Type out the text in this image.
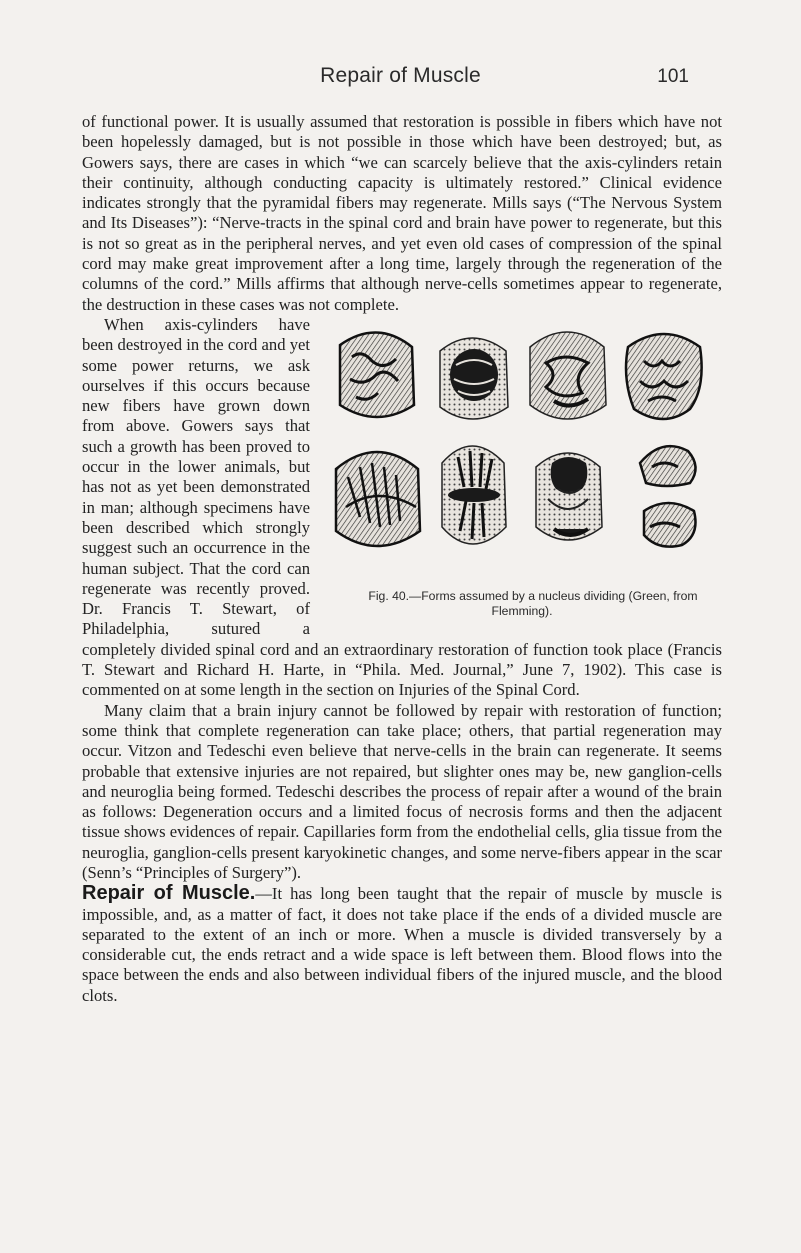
Repair of Muscle	101

of functional power. It is usually assumed that restoration is possible in fibers which have not been hopelessly damaged, but is not possible in those which have been destroyed; but, as Gowers says, there are cases in which “we can scarcely believe that the axis-cylinders retain their continuity, although conducting capacity is ultimately restored.” Clinical evidence indicates strongly that the pyramidal fibers may regenerate. Mills says (“The Nervous System and Its Diseases”): “Nerve-tracts in the spinal cord and brain have power to regenerate, but this is not so great as in the peripheral nerves, and yet even old cases of compression of the spinal cord may make great improvement after a long time, largely through the regeneration of the columns of the cord.” Mills affirms that although nerve-cells sometimes appear to regenerate, the destruction in these cases was not complete.

Fig. 40.—Forms assumed by a nucleus dividing (Green, from Flemming).
When axis-cylinders have been destroyed in the cord and yet some power returns, we ask ourselves if this occurs because new fibers have grown down from above. Gowers says that such a growth has been proved to occur in the lower animals, but has not as yet been demonstrated in man; although specimens have been described which strongly suggest such an occurrence in the human subject. That the cord can regenerate was recently proved. Dr. Francis T. Stewart, of Philadelphia, sutured a completely divided spinal cord and an extraordinary restoration of function took place (Francis T. Stewart and Richard H. Harte, in “Phila. Med. Journal,” June 7, 1902). This case is commented on at some length in the section on Injuries of the Spinal Cord.

Many claim that a brain injury cannot be followed by repair with restoration of function; some think that complete regeneration can take place; others, that partial regeneration may occur. Vitzon and Tedeschi even believe that nerve-cells in the brain can regenerate. It seems probable that extensive injuries are not repaired, but slighter ones may be, new ganglion-cells and neuroglia being formed. Tedeschi describes the process of repair after a wound of the brain as follows: Degeneration occurs and a limited focus of necrosis forms and then the adjacent tissue shows evidences of repair. Capillaries form from the endothelial cells, glia tissue from the neuroglia, ganglion-cells present karyokinetic changes, and some nerve-fibers appear in the scar (Senn’s “Principles of Surgery”).

Repair of Muscle.—It has long been taught that the repair of muscle by muscle is impossible, and, as a matter of fact, it does not take place if the ends of a divided muscle are separated to the extent of an inch or more. When a muscle is divided transversely by a considerable cut, the ends retract and a wide space is left between them. Blood flows into the space between the ends and also between individual fibers of the injured muscle, and the blood clots.
